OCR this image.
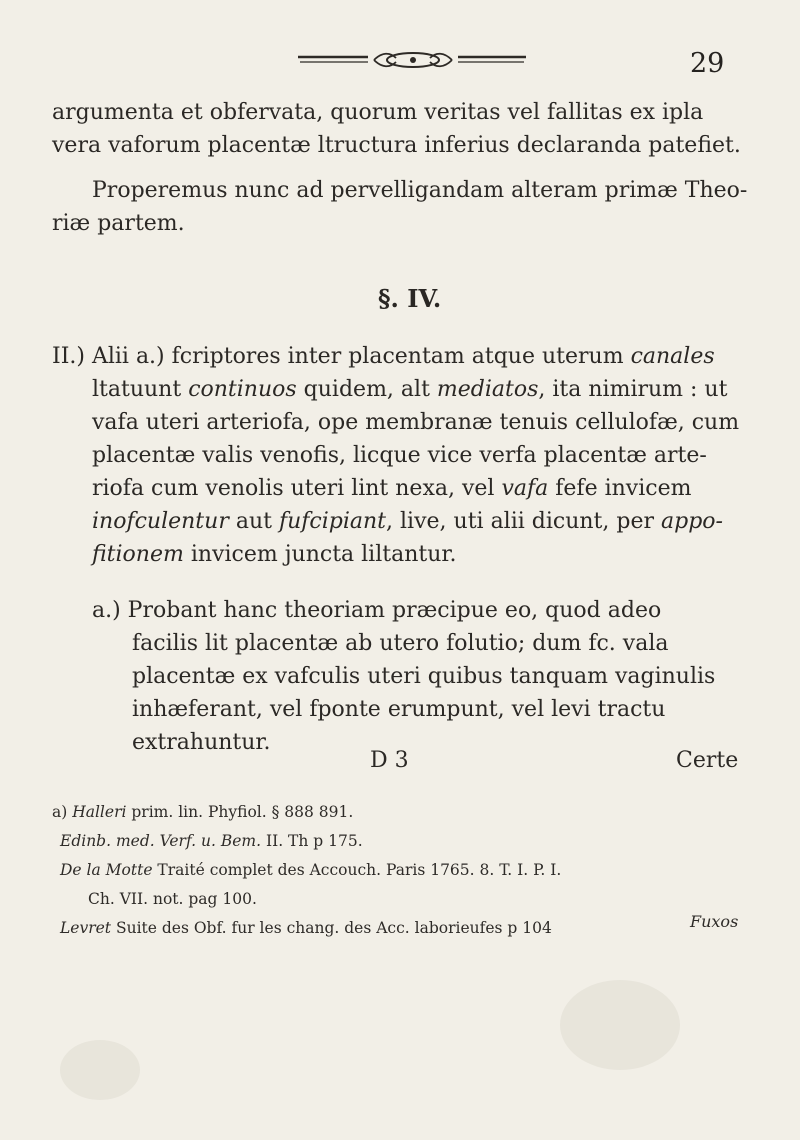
29

argumenta et obfervata, quorum veritas vel fallitas ex ipla
vera vaforum placentæ ltructura inferius declaranda patefiet.

Properemus nunc ad pervelligandam alteram primæ Theo-
riæ partem.

§. IV.

II.) Alii a.) fcriptores inter placentam atque uterum canales
ltatuunt continuos quidem, alt mediatos, ita nimirum : ut
vafa uteri arteriofa, ope membranæ tenuis cellulofæ, cum
placentæ valis venofis, licque vice verfa placentæ arte-
riofa cum venolis uteri lint nexa, vel vafa fefe invicem
inofculentur aut fufcipiant, live, uti alii dicunt, per appo-
fitionem invicem juncta liltantur.

a.) Probant hanc theoriam præcipue eo, quod adeo
facilis lit placentæ ab utero folutio; dum fc. vala
placentæ ex vafculis uteri quibus tanquam vaginulis
inhæferant, vel fponte erumpunt, vel levi tractu
extrahuntur.

D 3	Certe
a) Halleri prim. lin. Phyfiol. § 888 891.
Edinb. med. Verf. u. Bem. II. Th p 175.
De la Motte Traité complet des Accouch. Paris 1765. 8. T. I. P. I.
Ch. VII. not. pag 100.
Levret Suite des Obf. fur les chang. des Acc. laborieufes p 104	Fuxos
